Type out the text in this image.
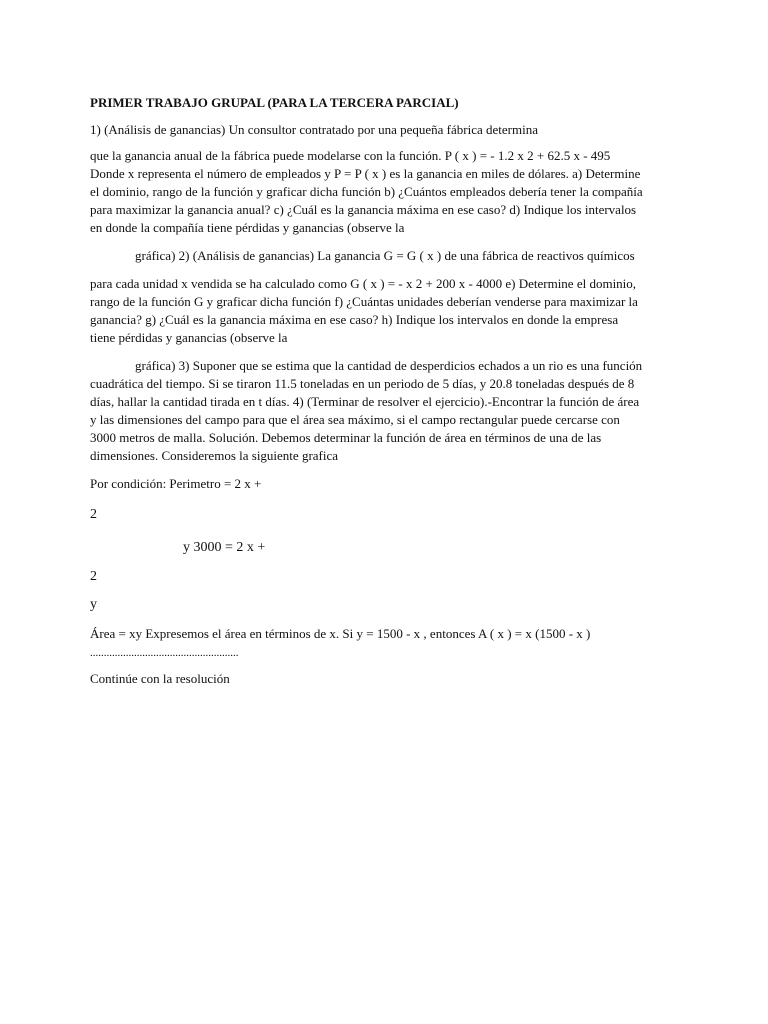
PRIMER TRABAJO GRUPAL (PARA LA TERCERA PARCIAL)
1) (Análisis de ganancias) Un consultor contratado por una pequeña fábrica determina
que la ganancia anual de la fábrica puede modelarse con la función. P ( x ) = - 1.2 x 2 + 62.5 x - 495
Donde x representa el número de empleados y P = P ( x ) es la ganancia en miles de dólares. a) Determine
el dominio, rango de la función y graficar dicha función b) ¿Cuántos empleados debería tener la compañía
para maximizar la ganancia anual? c) ¿Cuál es la ganancia máxima en ese caso? d) Indique los intervalos
en donde la compañía tiene pérdidas y ganancias (observe la
gráfica) 2) (Análisis de ganancias) La ganancia G = G ( x ) de una fábrica de reactivos químicos
para cada unidad x vendida se ha calculado como G ( x ) = - x 2 + 200 x - 4000 e) Determine el dominio,
rango de la función G y graficar dicha función f) ¿Cuántas unidades deberían venderse para maximizar la
ganancia? g) ¿Cuál es la ganancia máxima en ese caso? h) Indique los intervalos en donde la empresa
tiene pérdidas y ganancias (observe la
gráfica) 3) Suponer que se estima que la cantidad de desperdicios echados a un rio es una función
cuadrática del tiempo. Si se tiraron 11.5 toneladas en un periodo de 5 días, y 20.8 toneladas después de 8
días, hallar la cantidad tirada en t días. 4) (Terminar de resolver el ejercicio).-Encontrar la función de área
y las dimensiones del campo para que el área sea máximo, si el campo rectangular puede cercarse con
3000 metros de malla. Solución. Debemos determinar la función de área en términos de una de las
dimensiones. Consideremos la siguiente grafica
Por condición: Perimetro = 2 x +
2
y 3000 = 2 x +
2
y
Área = xy Expresemos el área en términos de x. Si y = 1500 - x , entonces A ( x ) = x (1500 - x )
......................................................
Continúe con la resolución
